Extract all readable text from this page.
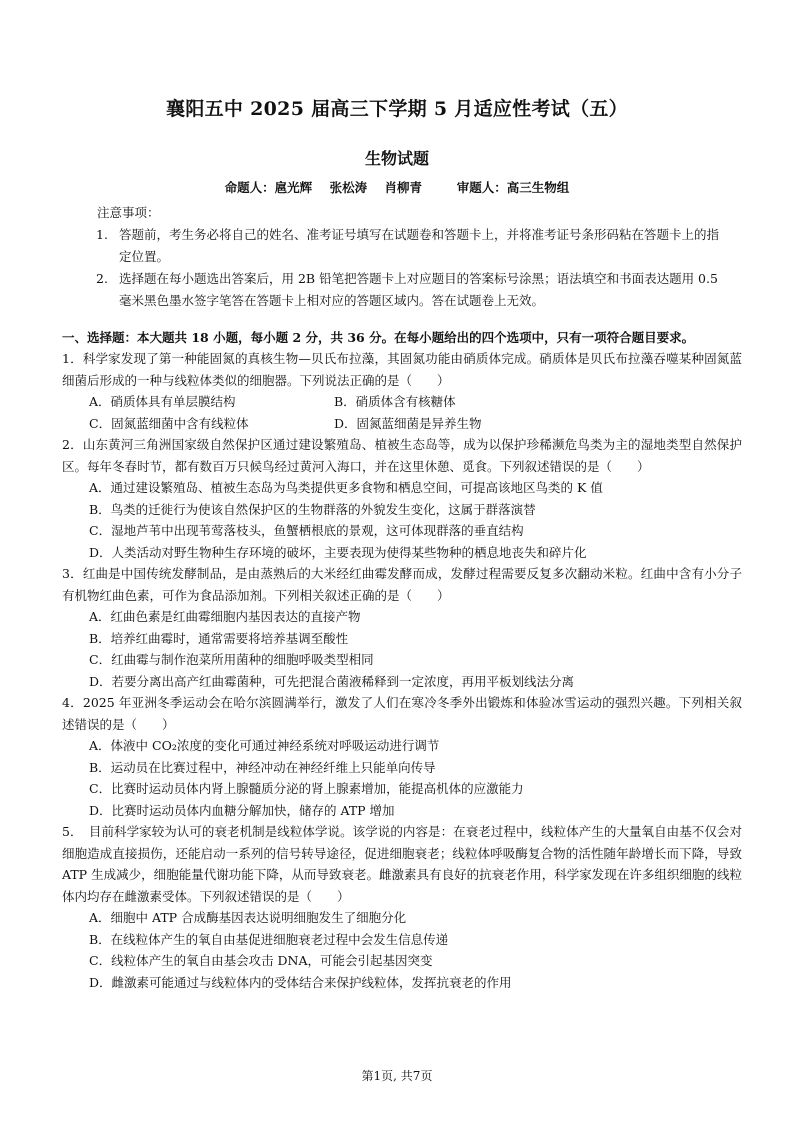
襄阳五中 2025 届高三下学期 5 月适应性考试（五）
生物试题
命题人：扈光辉    张松涛    肖柳青        审题人：高三生物组
注意事项：
1. 答题前，考生务必将自己的姓名、准考证号填写在试题卷和答题卡上，并将准考证号条形码粘在答题卡上的指定位置。
2. 选择题在每小题选出答案后，用 2B 铅笔把答题卡上对应题目的答案标号涂黑；语法填空和书面表达题用 0.5 毫米黑色墨水签字笔答在答题卡上相对应的答题区域内。答在试题卷上无效。
一、选择题：本大题共 18 小题，每小题 2 分，共 36 分。在每小题给出的四个选项中，只有一项符合题目要求。
1．科学家发现了第一种能固氮的真核生物—贝氏布拉藻，其固氮功能由硝质体完成。硝质体是贝氏布拉藻吞噬某种固氮蓝细菌后形成的一种与线粒体类似的细胞器。下列说法正确的是（　　）
A．硝质体具有单层膜结构	B．硝质体含有核糖体
C．固氮蓝细菌中含有线粒体	D．固氮蓝细菌是异养生物
2．山东黄河三角洲国家级自然保护区通过建设繁殖岛、植被生态岛等，成为以保护珍稀濒危鸟类为主的湿地类型自然保护区。每年冬春时节，都有数百万只候鸟经过黄河入海口，并在这里休憩、觅食。下列叙述错误的是（　　）
A．通过建设繁殖岛、植被生态岛为鸟类提供更多食物和栖息空间，可提高该地区鸟类的 K 值
B．鸟类的迁徙行为使该自然保护区的生物群落的外貌发生变化，这属于群落演替
C．湿地芦苇中出现苇莺落枝头，鱼蟹栖根底的景观，这可体现群落的垂直结构
D．人类活动对野生物种生存环境的破坏，主要表现为使得某些物种的栖息地丧失和碎片化
3．红曲是中国传统发酵制品，是由蒸熟后的大米经红曲霉发酵而成，发酵过程需要反复多次翻动米粒。红曲中含有小分子有机物红曲色素，可作为食品添加剂。下列相关叙述正确的是（　　）
A．红曲色素是红曲霉细胞内基因表达的直接产物
B．培养红曲霉时，通常需要将培养基调至酸性
C．红曲霉与制作泡菜所用菌种的细胞呼吸类型相同
D．若要分离出高产红曲霉菌种，可先把混合菌液稀释到一定浓度，再用平板划线法分离
4．2025 年亚洲冬季运动会在哈尔滨圆满举行，激发了人们在寒冷冬季外出锻炼和体验冰雪运动的强烈兴趣。下列相关叙述错误的是（　　）
A．体液中 CO₂浓度的变化可通过神经系统对呼吸运动进行调节
B．运动员在比赛过程中，神经冲动在神经纤维上只能单向传导
C．比赛时运动员体内肾上腺髓质分泌的肾上腺素增加，能提高机体的应激能力
D．比赛时运动员体内血糖分解加快，储存的 ATP 增加
5．　目前科学家较为认可的衰老机制是线粒体学说。该学说的内容是：在衰老过程中，线粒体产生的大量氧自由基不仅会对细胞造成直接损伤，还能启动一系列的信号转导途径，促进细胞衰老；线粒体呼吸酶复合物的活性随年龄增长而下降，导致 ATP 生成减少，细胞能量代谢功能下降，从而导致衰老。雌激素具有良好的抗衰老作用，科学家发现在许多组织细胞的线粒体内均存在雌激素受体。下列叙述错误的是（　　）
A．细胞中 ATP 合成酶基因表达说明细胞发生了细胞分化
B．在线粒体产生的氧自由基促进细胞衰老过程中会发生信息传递
C．线粒体产生的氧自由基会攻击 DNA，可能会引起基因突变
D．雌激素可能通过与线粒体内的受体结合来保护线粒体，发挥抗衰老的作用
第1页, 共7页
